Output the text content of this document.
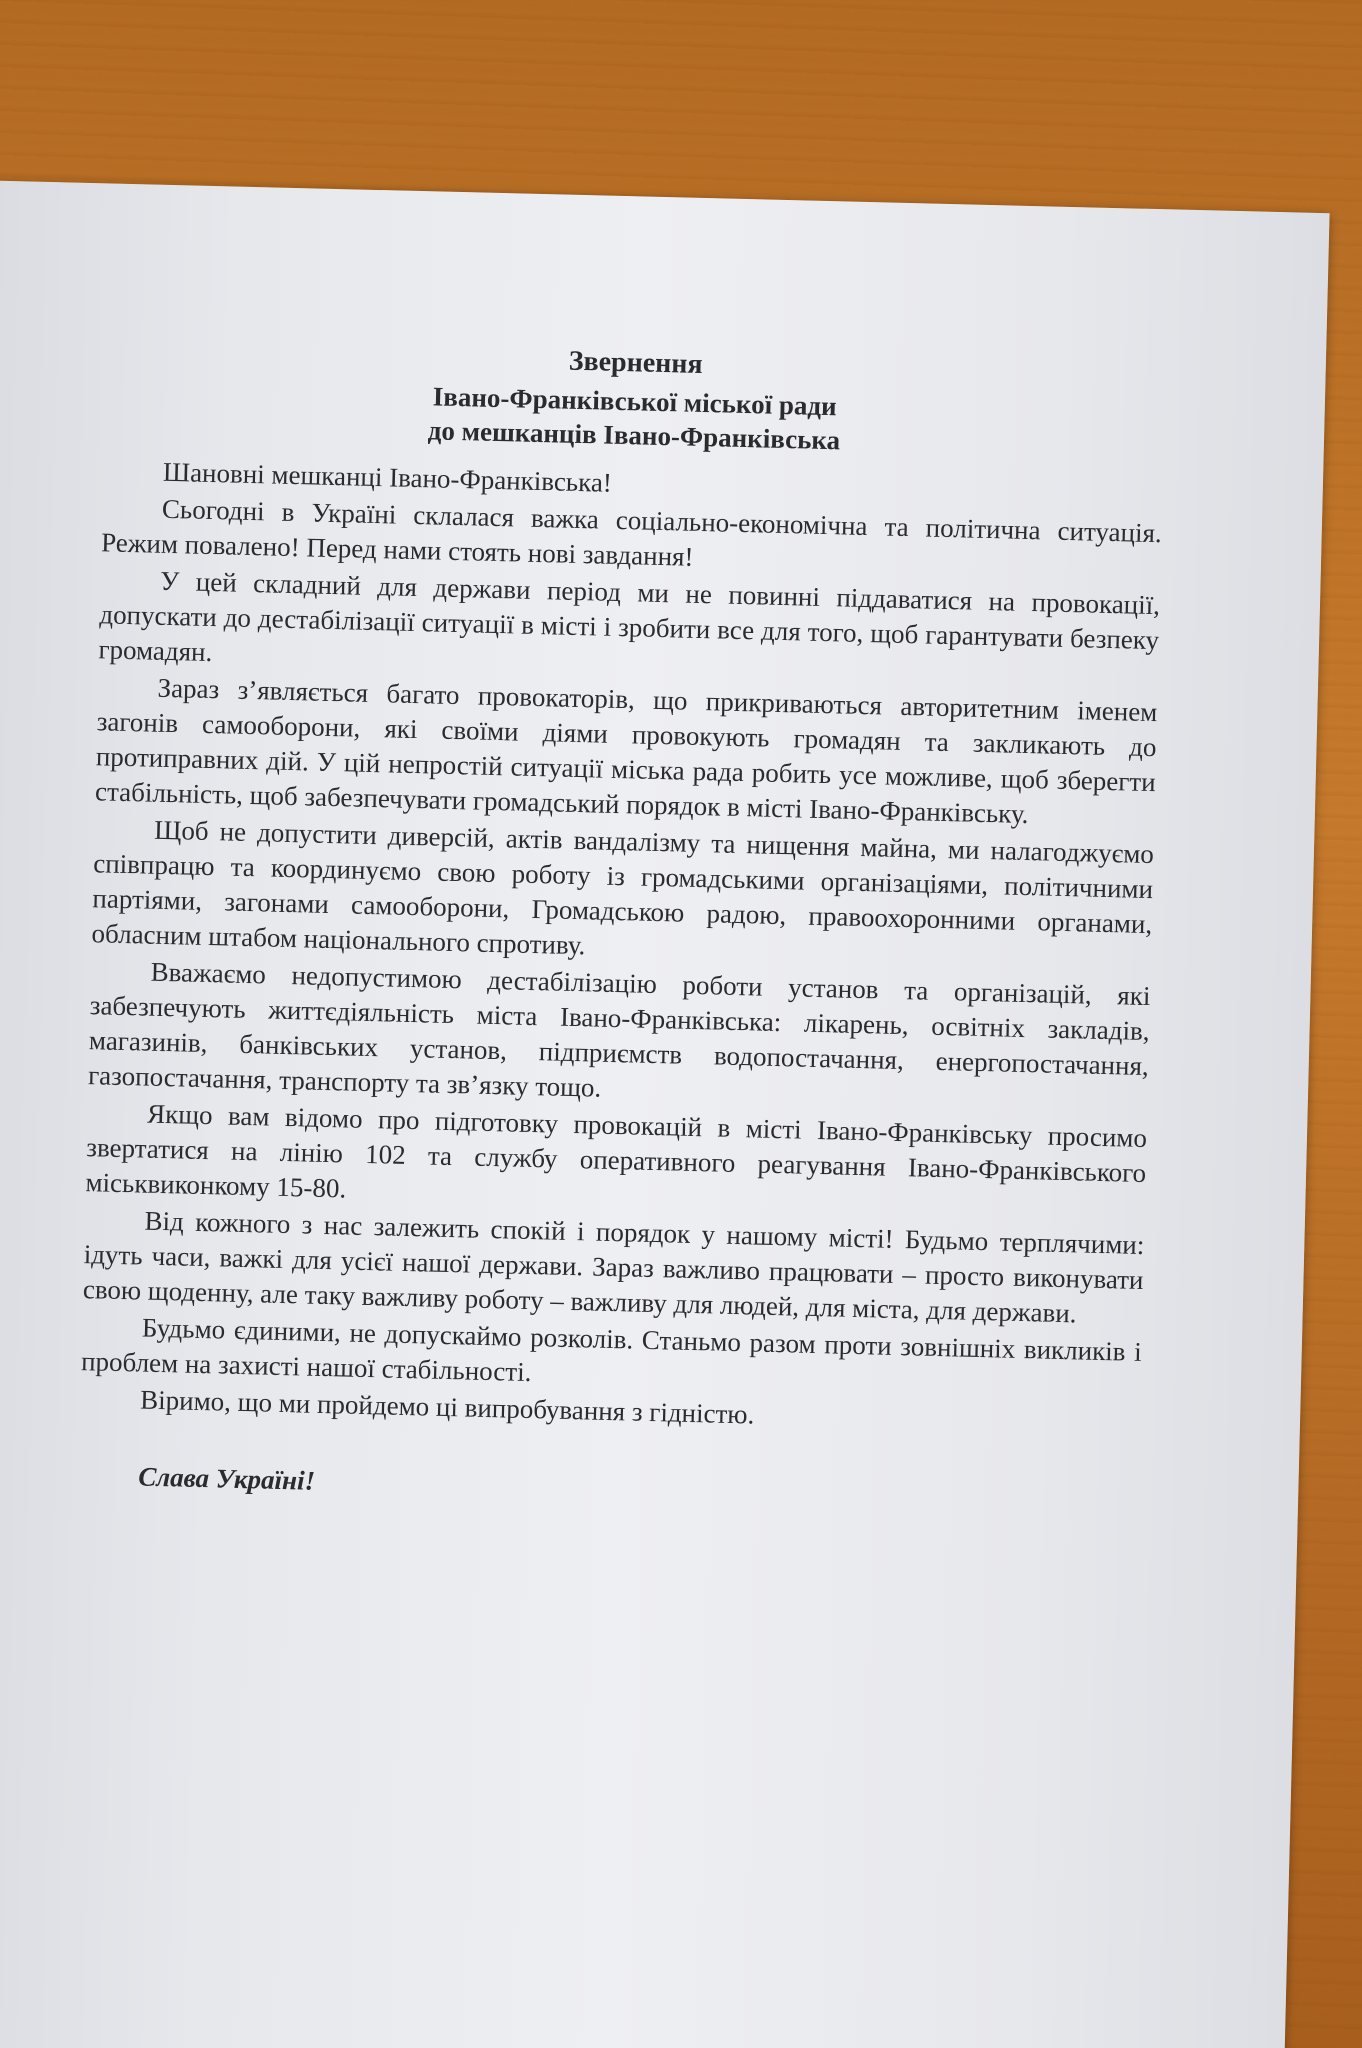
Звернення
Івано-Франківської міської ради
до мешканців Івано-Франківська

Шановні мешканці Івано-Франківська!

Сьогодні в Україні склалася важка соціально-економічна та політична ситуація. Режим повалено! Перед нами стоять нові завдання!

У цей складний для держави період ми не повинні піддаватися на провокації, допускати до дестабілізації ситуації в місті і зробити все для того, щоб гарантувати безпеку громадян.

Зараз з’являється багато провокаторів, що прикриваються авторитетним іменем загонів самооборони, які своїми діями провокують громадян та закликають до протиправних дій. У цій непростій ситуації міська рада робить усе можливе, щоб зберегти стабільність, щоб забезпечувати громадський порядок в місті Івано-Франківську.

Щоб не допустити диверсій, актів вандалізму та нищення майна, ми налагоджуємо співпрацю та координуємо свою роботу із громадськими організаціями, політичними партіями, загонами самооборони, Громадською радою, правоохоронними органами, обласним штабом національного спротиву.

Вважаємо недопустимою дестабілізацію роботи установ та організацій, які забезпечують життєдіяльність міста Івано-Франківська: лікарень, освітніх закладів, магазинів, банківських установ, підприємств водопостачання, енергопостачання, газопостачання, транспорту та зв’язку тощо.

Якщо вам відомо про підготовку провокацій в місті Івано-Франківську просимо звертатися на лінію 102 та службу оперативного реагування Івано-Франківського міськвиконкому 15-80.

Від кожного з нас залежить спокій і порядок у нашому місті! Будьмо терплячими: ідуть часи, важкі для усієї нашої держави. Зараз важливо працювати – просто виконувати свою щоденну, але таку важливу роботу – важливу для людей, для міста, для держави.

Будьмо єдиними, не допускаймо розколів. Станьмо разом проти зовнішніх викликів і проблем на захисті нашої стабільності.

Віримо, що ми пройдемо ці випробування з гідністю.

Слава Україні!
